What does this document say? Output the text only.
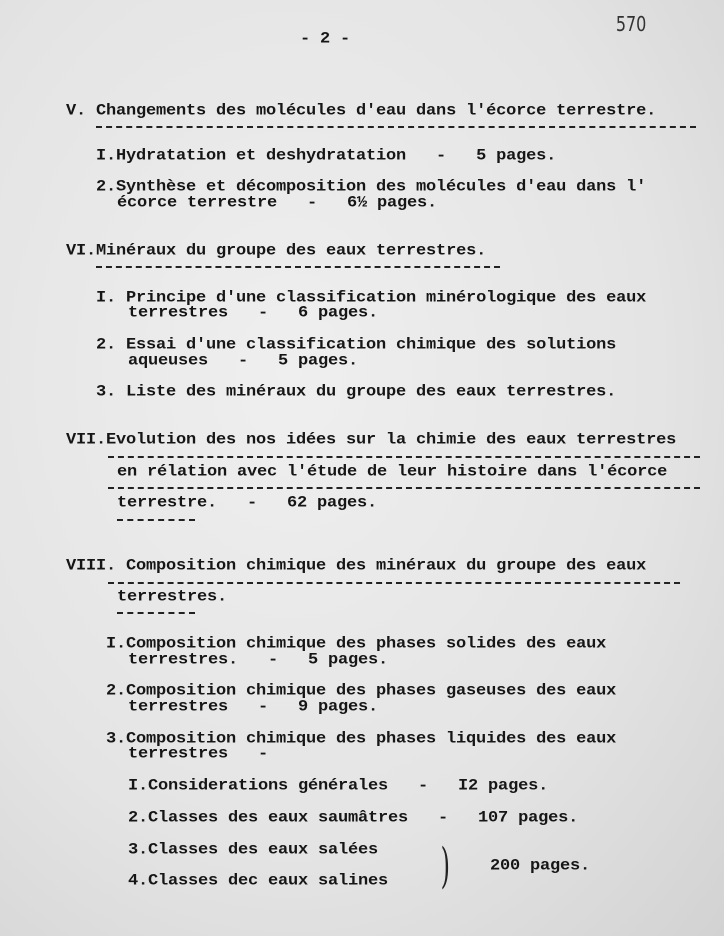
- 2 -
570
V. Changements des molécules d'eau dans l'écorce terrestre.
I.Hydratation et deshydratation   -   5 pages.
2.Synthèse et décomposition des molécules d'eau dans l'
écorce terrestre   -   6½ pages.
VI.Minéraux du groupe des eaux terrestres.
I. Principe d'une classification minérologique des eaux
terrestres   -   6 pages.
2. Essai d'une classification chimique des solutions
aqueuses   -   5 pages.
3. Liste des minéraux du groupe des eaux terrestres.
VII.Evolution des nos idées sur la chimie des eaux terrestres
en rélation avec l'étude de leur histoire dans l'écorce
terrestre.   -   62 pages.
VIII. Composition chimique des minéraux du groupe des eaux
terrestres.
I.Composition chimique des phases solides des eaux
terrestres.   -   5 pages.
2.Composition chimique des phases gaseuses des eaux
terrestres   -   9 pages.
3.Composition chimique des phases liquides des eaux
terrestres   -
I.Considerations générales   -   I2 pages.
2.Classes des eaux saumâtres   -   107 pages.
3.Classes des eaux salées
4.Classes dec eaux salines ) 200 pages.
